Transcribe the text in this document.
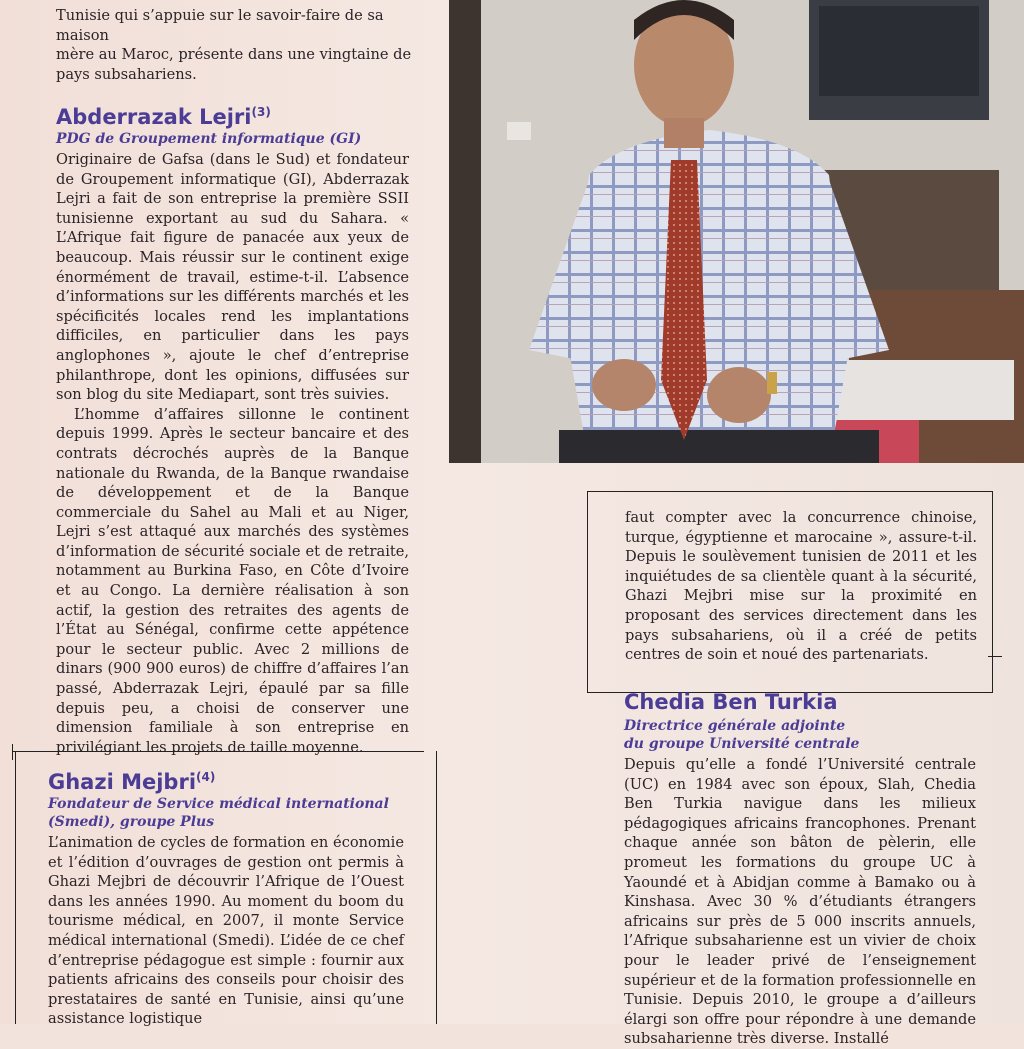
Tunisie qui s’appuie sur le savoir-faire de sa maison

mère au Maroc, présente dans une vingtaine de

pays subsahariens.

Abderrazak Lejri$^{(3)}$
PDG de Groupement informatique (GI)

Originaire de Gafsa (dans le Sud) et fondateur de Groupement informatique (GI), Abderrazak Lejri a fait de son entreprise la première SSII tunisienne exportant au sud du Sahara. « L’Afrique fait figure de panacée aux yeux de beaucoup. Mais réussir sur le continent exige énormément de travail, estime-t-il. L’absence d’informations sur les différents marchés et les spécificités locales rend les implantations difficiles, en particulier dans les pays anglophones », ajoute le chef d’entreprise philanthrope, dont les opinions, diffusées sur son blog du site Mediapart, sont très suivies.

L’homme d’affaires sillonne le continent depuis 1999. Après le secteur bancaire et des contrats décrochés auprès de la Banque nationale du Rwanda, de la Banque rwandaise de développement et de la Banque commerciale du Sahel au Mali et au Niger, Lejri s’est attaqué aux marchés des systèmes d’information de sécurité sociale et de retraite, notamment au Burkina Faso, en Côte d’Ivoire et au Congo. La dernière réalisation à son actif, la gestion des retraites des agents de l’État au Sénégal, confirme cette appétence pour le secteur public. Avec 2 millions de dinars (900 900 euros) de chiffre d’affaires l’an passé, Abderrazak Lejri, épaulé par sa fille depuis peu, a choisi de conserver une dimension familiale à son entreprise en privilégiant les projets de taille moyenne.

Ghazi Mejbri$^{(4)}$
Fondateur de Service médical international
(Smedi), groupe Plus

L’animation de cycles de formation en économie et l’édition d’ouvrages de gestion ont permis à Ghazi Mejbri de découvrir l’Afrique de l’Ouest dans les années 1990. Au moment du boom du tourisme médical, en 2007, il monte Service médical international (Smedi). L’idée de ce chef d’entreprise pédagogue est simple : fournir aux patients africains des conseils pour choisir des prestataires de santé en Tunisie, ainsi qu’une assistance logistique

faut compter avec la concurrence chinoise, turque, égyptienne et marocaine », assure-t-il. Depuis le soulèvement tunisien de 2011 et les inquiétudes de sa clientèle quant à la sécurité, Ghazi Mejbri mise sur la proximité en proposant des services directement dans les pays subsahariens, où il a créé de petits centres de soin et noué des partenariats.

Chedia Ben Turkia
Directrice générale adjointe
du groupe Université centrale

Depuis qu’elle a fondé l’Université centrale (UC) en 1984 avec son époux, Slah, Chedia Ben Turkia navigue dans les milieux pédagogiques africains francophones. Prenant chaque année son bâton de pèlerin, elle promeut les formations du groupe UC à Yaoundé et à Abidjan comme à Bamako ou à Kinshasa. Avec 30 % d’étudiants étrangers africains sur près de 5 000 inscrits annuels, l’Afrique subsaharienne est un vivier de choix pour le leader privé de l’enseignement supérieur et de la formation professionnelle en Tunisie. Depuis 2010, le groupe a d’ailleurs élargi son offre pour répondre à une demande subsaharienne très diverse. Installé
